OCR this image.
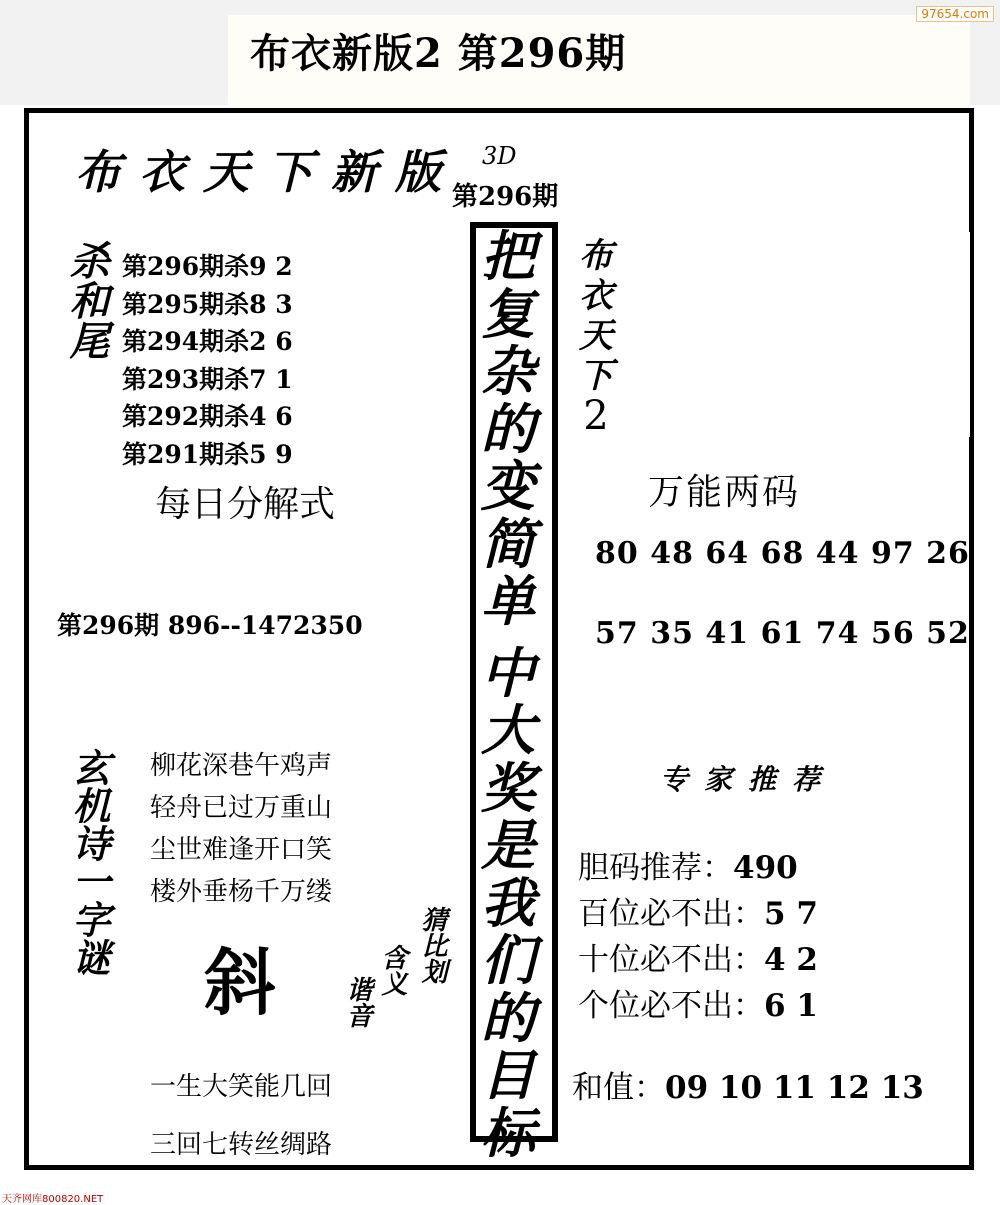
布衣新版2 第296期
97654.com
布衣天下新版 3D
第296期
杀和尾 第296期杀9 2
第295期杀8 3
第294期杀2 6
第293期杀7 1
第292期杀4 6
第291期杀5 9
每日分解式
第296期 896--1472350
玄机诗一字谜 柳花深巷午鸡声
轻舟已过万重山
尘世难逢开口笑
楼外垂杨千万缕
斜	谐音
含义 猜比划
一生大笑能几回
三回七转丝绸路
把
复
杂
的
变
简
单
中
大
奖
是
我
们
的
目
标
布
衣
天
下
2
万能两码
80 48 64 68 44 97 26
57 35 41 61 74 56 52
专家推荐
胆码推荐：490
百位必不出：5 7
十位必不出：4 2
个位必不出：6 1
和值：09 10 11 12 13
天齐网库800820.NET
